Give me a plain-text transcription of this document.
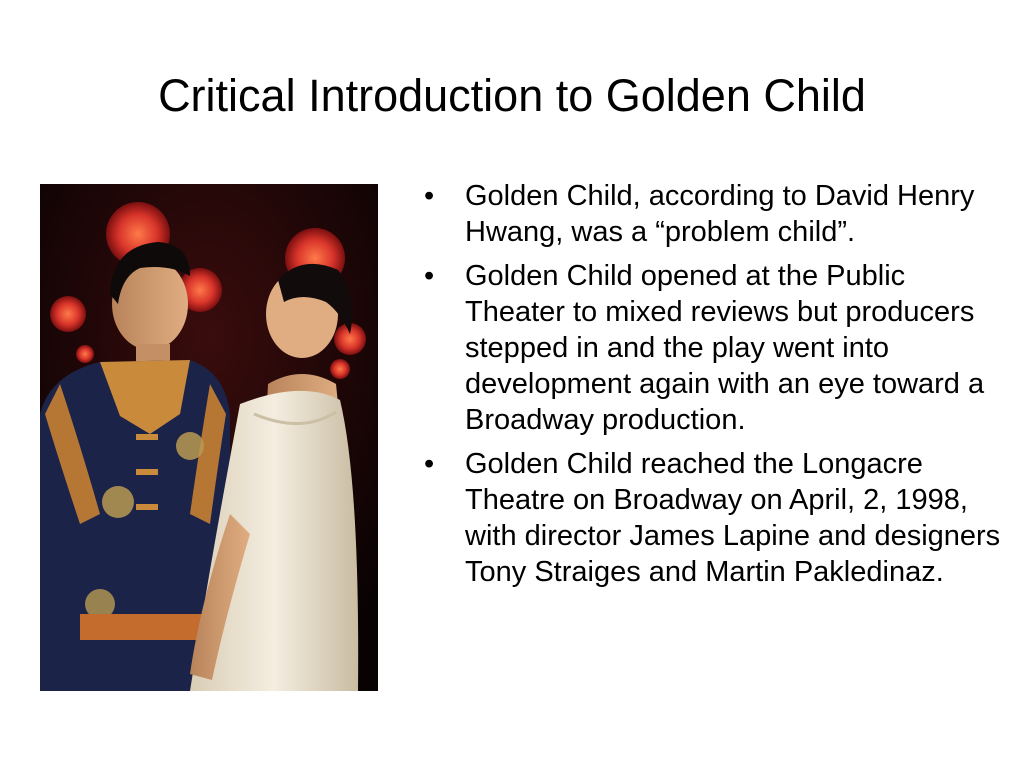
Critical Introduction to Golden Child
• Golden Child, according to David Henry Hwang, was a “problem child”.
• Golden Child opened at the Public Theater to mixed reviews but producers stepped in and the play went into development again with an eye toward a Broadway production.
• Golden Child reached the Longacre Theatre on Broadway on April, 2, 1998, with director James Lapine and designers Tony Straiges and Martin Pakledinaz.
